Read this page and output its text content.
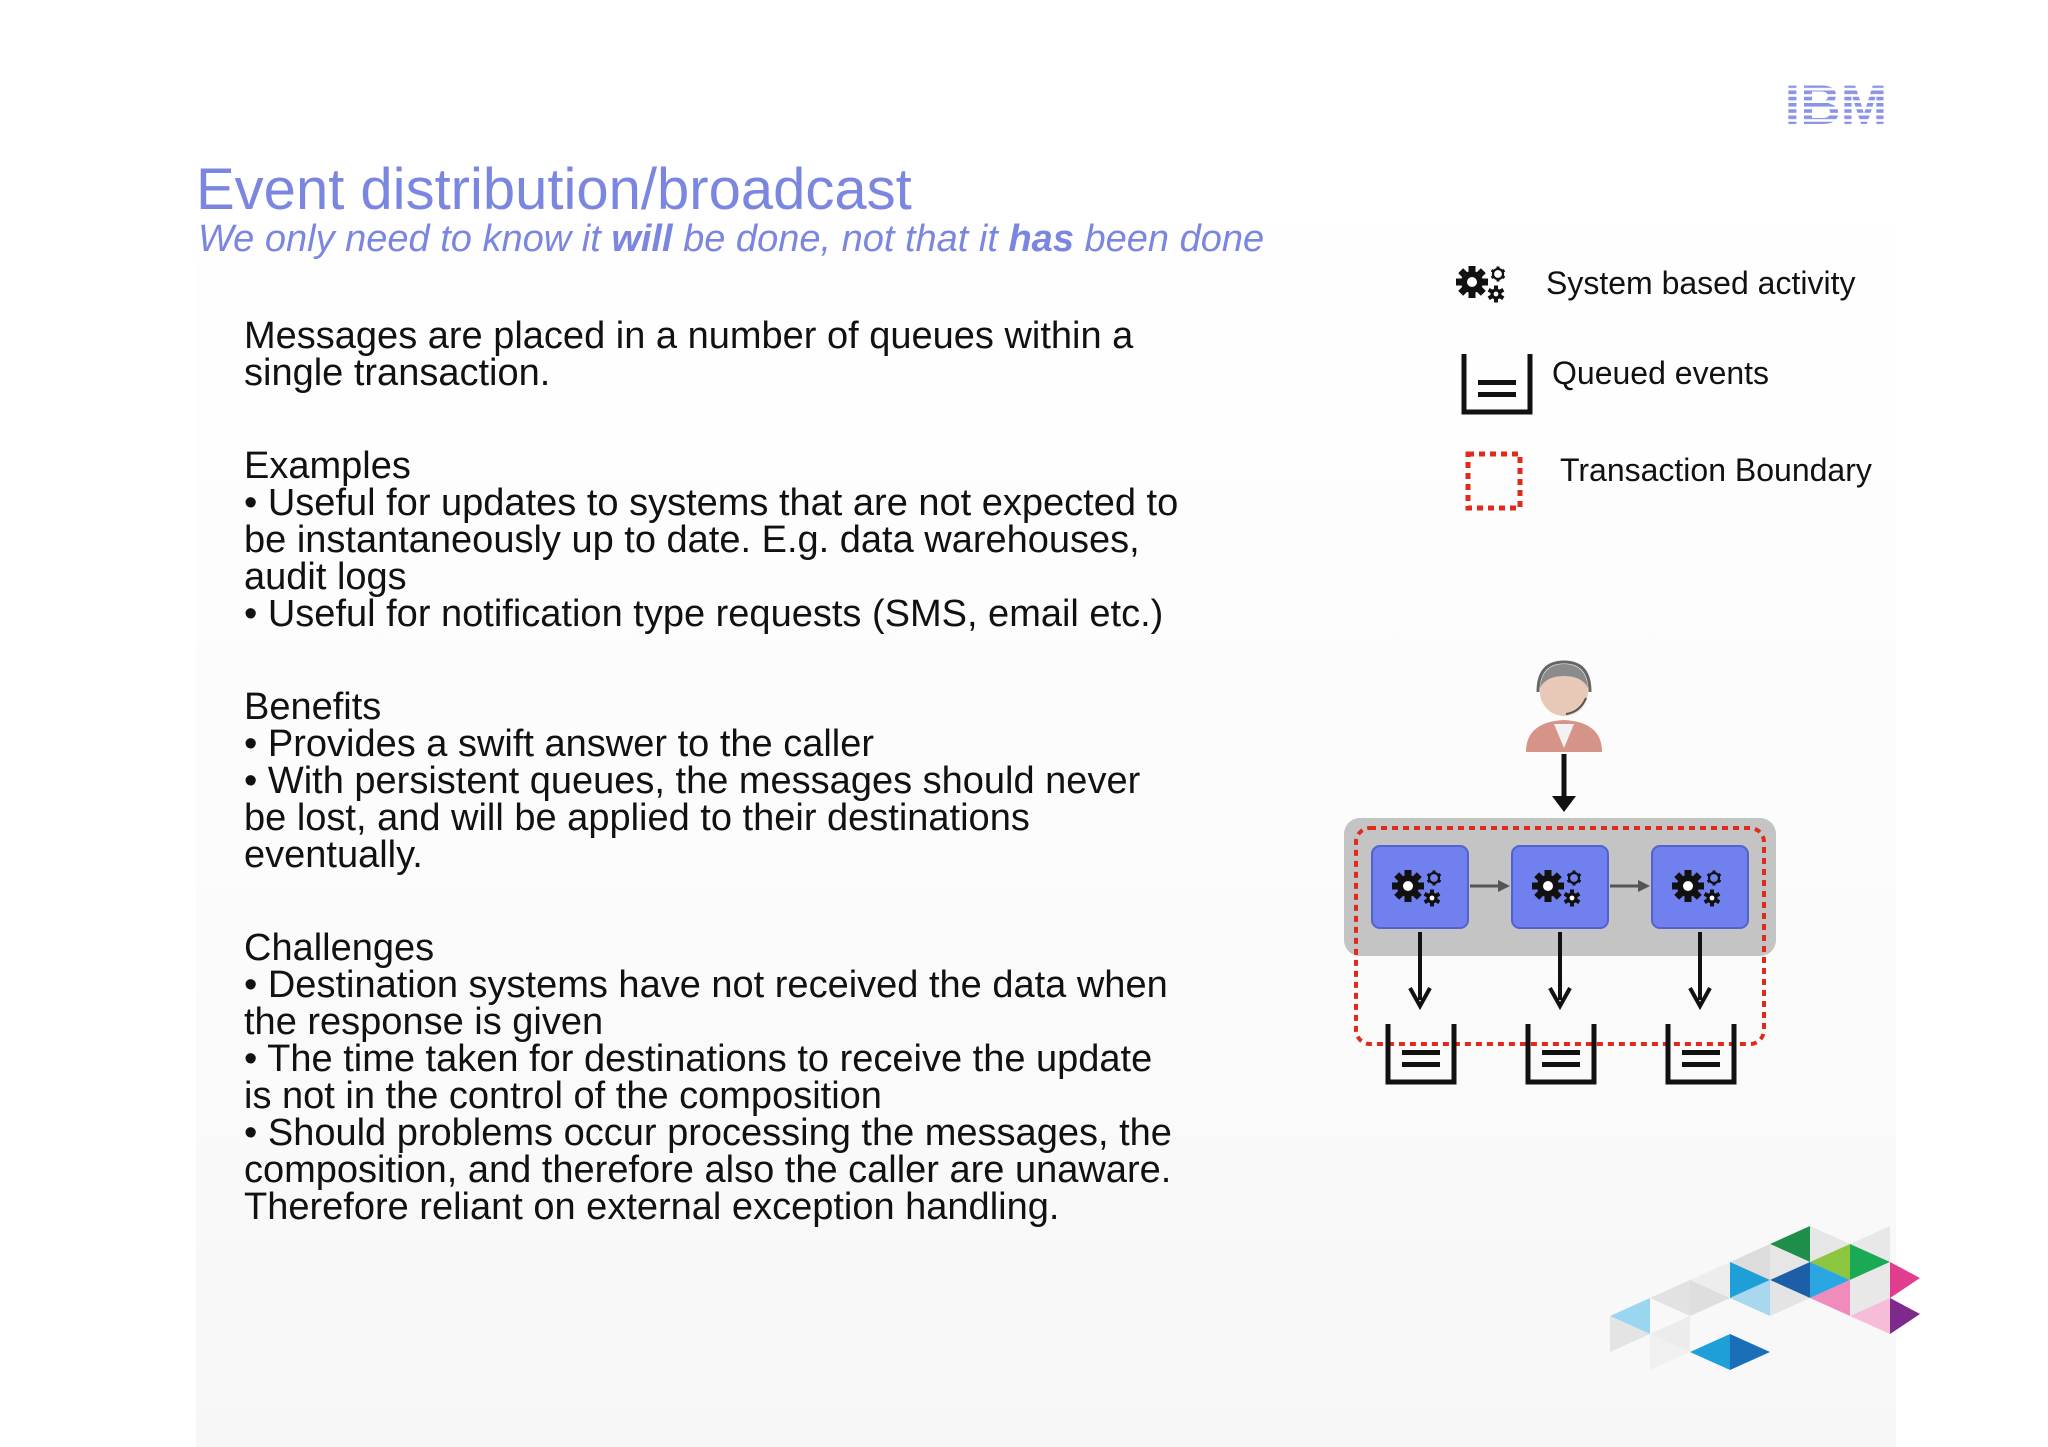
IBM
Event distribution/broadcast

We only need to know it will be done, not that it has been done

Messages are placed in a number of queues within a

single transaction.

Examples

• Useful for updates to systems that are not expected to

be instantaneously up to date. E.g. data warehouses,

audit logs

• Useful for notification type requests (SMS, email etc.)

Benefits

• Provides a swift answer to the caller

• With persistent queues, the messages should never

be lost, and will be applied to their destinations

eventually.

Challenges

• Destination systems have not received the data when

the response is given

• The time taken for destinations to receive the update

is not in the control of the composition

• Should problems occur processing the messages, the

composition, and therefore also the caller are unaware.

Therefore reliant on external exception handling.

System based activity
Queued events
Transaction Boundary
